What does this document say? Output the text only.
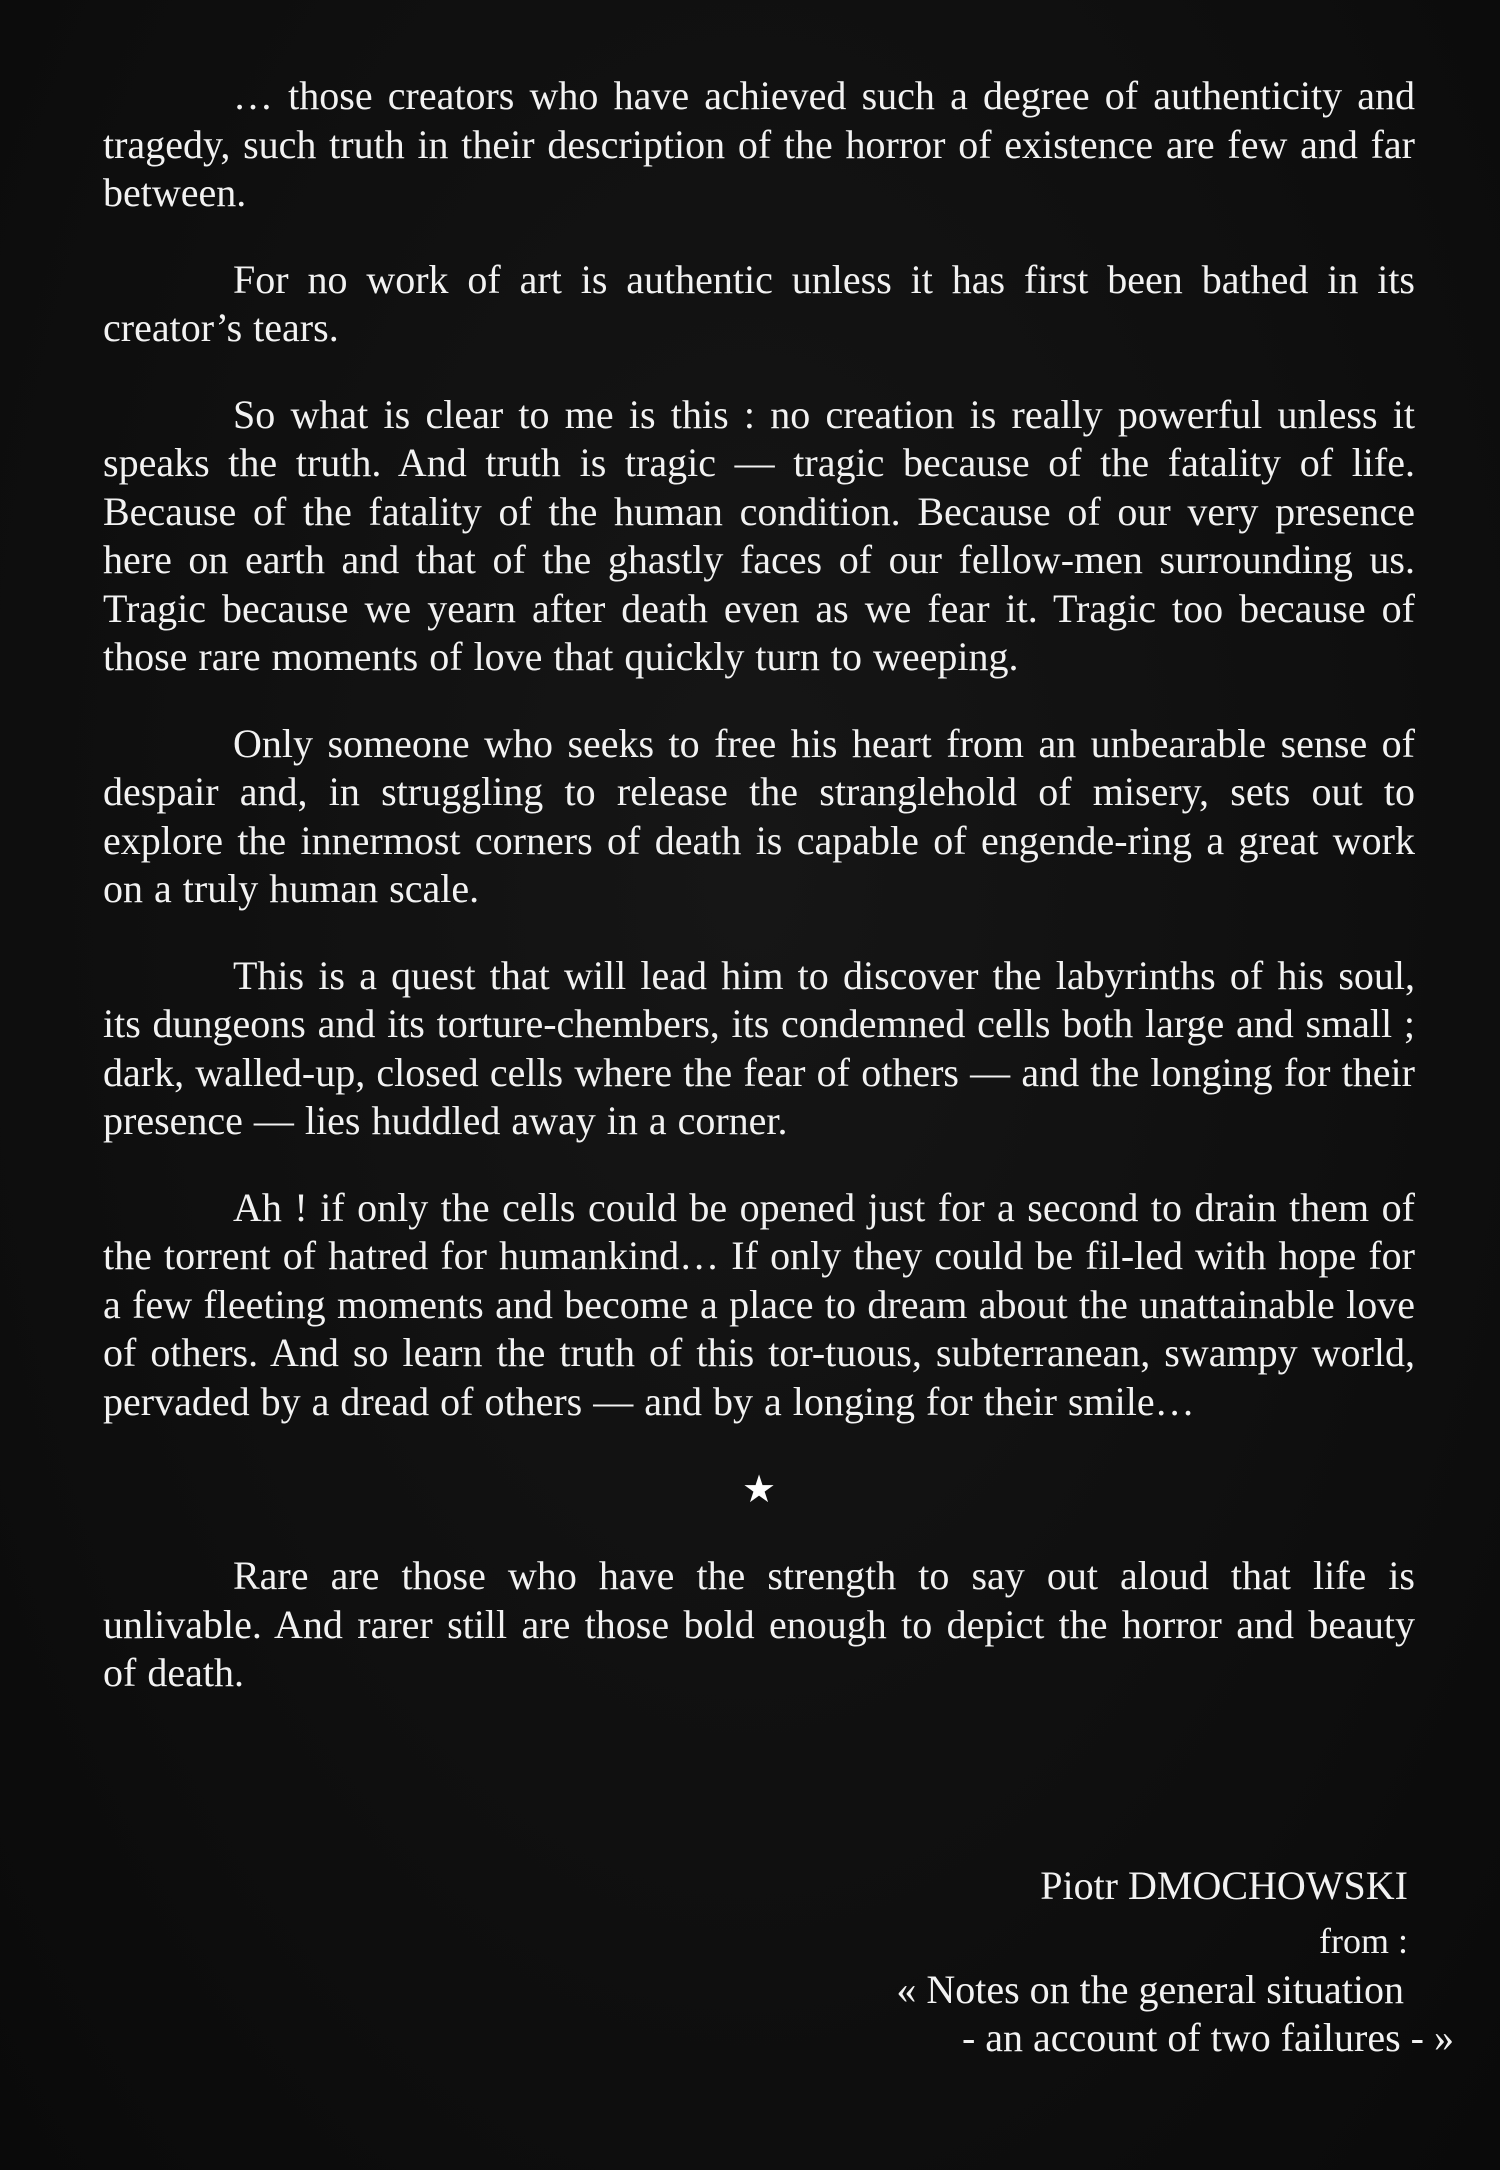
… those creators who have achieved such a degree of authenticity and tragedy, such truth in their description of the horror of existence are few and far between.

For no work of art is authentic unless it has first been bathed in its creator’s tears.

So what is clear to me is this : no creation is really powerful unless it speaks the truth. And truth is tragic — tragic because of the fatality of life. Because of the fatality of the human condition. Because of our very presence here on earth and that of the ghastly faces of our fellow-men surrounding us. Tragic because we yearn after death even as we fear it. Tragic too because of those rare moments of love that quickly turn to weeping.

Only someone who seeks to free his heart from an unbearable sense of despair and, in struggling to release the stranglehold of misery, sets out to explore the innermost corners of death is capable of engende-ring a great work on a truly human scale.

This is a quest that will lead him to discover the labyrinths of his soul, its dungeons and its torture-chembers, its condemned cells both large and small ; dark, walled-up, closed cells where the fear of others — and the longing for their presence — lies huddled away in a corner.

Ah ! if only the cells could be opened just for a second to drain them of the torrent of hatred for humankind… If only they could be fil-led with hope for a few fleeting moments and become a place to dream about the unattainable love of others. And so learn the truth of this tor-tuous, subterranean, swampy world, pervaded by a dread of others — and by a longing for their smile…

★

Rare are those who have the strength to say out aloud that life is unlivable. And rarer still are those bold enough to depict the horror and beauty of death.

Piotr DMOCHOWSKI
from :
« Notes on the general situation
- an account of two failures - »
